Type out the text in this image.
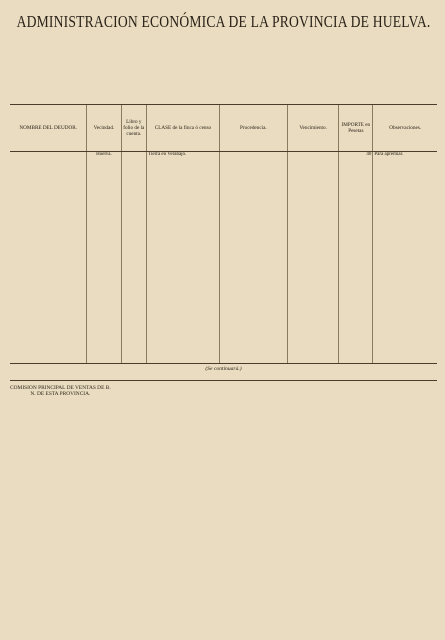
ADMINISTRACION ECONÓMICA DE LA PROVINCIA DE HUELVA.
NOMBRE DEL DEUDOR.	Vecindad.	Libro y folio de la cuenta.	CLASE de la finca ó censo	Procedencia.	Vencimiento.	IMPORTE en Pesetas	Observaciones.
	Huelva.		Tierra en Verabajo.			40	Para apremiar.

(Se continuará.)
COMISION PRINCIPAL DE VENTAS DE B. N. DE ESTA PROVINCIA.
